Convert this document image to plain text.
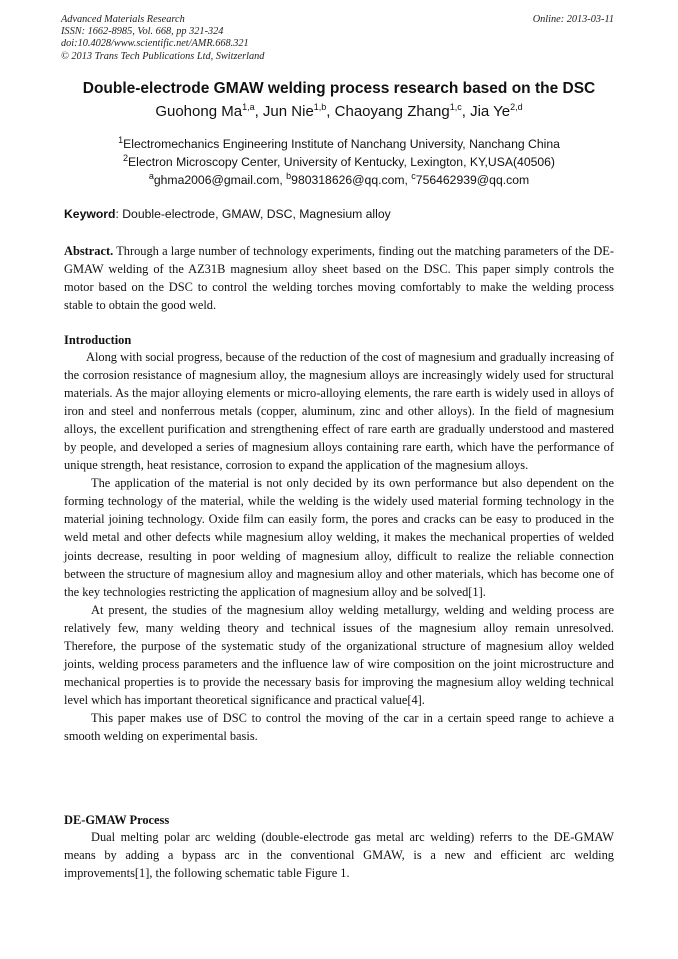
Advanced Materials Research
ISSN: 1662-8985, Vol. 668, pp 321-324
doi:10.4028/www.scientific.net/AMR.668.321
© 2013 Trans Tech Publications Ltd, Switzerland
Online: 2013-03-11
Double-electrode GMAW welding process research based on the DSC
Guohong Ma$^{1,a}$, Jun Nie$^{1,b}$, Chaoyang Zhang$^{1,c}$, Jia Ye$^{2,d}$
$^1$Electromechanics Engineering Institute of Nanchang University, Nanchang China
$^2$Electron Microscopy Center, University of Kentucky, Lexington, KY,USA(40506)
$^a$ghma2006@gmail.com, $^b$980318626@qq.com, $^c$756462939@qq.com
Keyword: Double-electrode, GMAW, DSC, Magnesium alloy

Abstract. Through a large number of technology experiments, finding out the matching parameters of the DE-GMAW welding of the AZ31B magnesium alloy sheet based on the DSC. This paper simply controls the motor based on the DSC to control the welding torches moving comfortably to make the welding process stable to obtain the good weld.

Introduction

Along with social progress, because of the reduction of the cost of magnesium and gradually increasing of the corrosion resistance of magnesium alloy, the magnesium alloys are increasingly widely used for structural materials. As the major alloying elements or micro-alloying elements, the rare earth is widely used in alloys of iron and steel and nonferrous metals (copper, aluminum, zinc and other alloys). In the field of magnesium alloys, the excellent purification and strengthening effect of rare earth are gradually understood and mastered by people, and developed a series of magnesium alloys containing rare earth, which have the performance of unique strength, heat resistance, corrosion to expand the application of the magnesium alloys.

The application of the material is not only decided by its own performance but also dependent on the forming technology of the material, while the welding is the widely used material forming technology in the material joining technology. Oxide film can easily form, the pores and cracks can be easy to produced in the weld metal and other defects while magnesium alloy welding, it makes the mechanical properties of welded joints decrease, resulting in poor welding of magnesium alloy, difficult to realize the reliable connection between the structure of magnesium alloy and magnesium alloy and other materials, which has become one of the key technologies restricting the application of magnesium alloy and be solved[1].

At present, the studies of the magnesium alloy welding metallurgy, welding and welding process are relatively few, many welding theory and technical issues of the magnesium alloy remain unresolved. Therefore, the purpose of the systematic study of the organizational structure of magnesium alloy welded joints, welding process parameters and the influence law of wire composition on the joint microstructure and mechanical properties is to provide the necessary basis for improving the magnesium alloy welding technical level which has important theoretical significance and practical value[4].

This paper makes use of DSC to control the moving of the car in a certain speed range to achieve a smooth welding on experimental basis.

DE-GMAW Process

Dual melting polar arc welding (double-electrode gas metal arc welding) referrs to the DE-GMAW means by adding a bypass arc in the conventional GMAW, is a new and efficient arc welding improvements[1], the following schematic table Figure 1.
